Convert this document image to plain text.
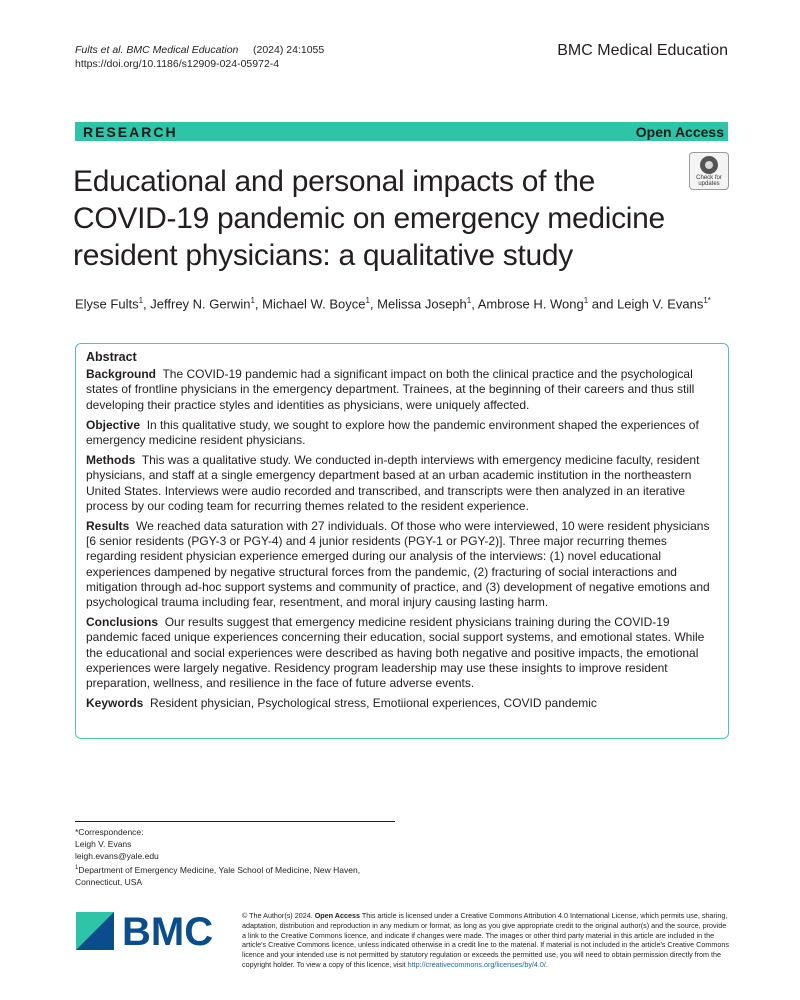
Fults et al. BMC Medical Education (2024) 24:1055
https://doi.org/10.1186/s12909-024-05972-4
BMC Medical Education
RESEARCH	Open Access
Check for
updates
Educational and personal impacts of the COVID-19 pandemic on emergency medicine resident physicians: a qualitative study
Elyse Fults$^1$, Jeffrey N. Gerwin$^1$, Michael W. Boyce$^1$, Melissa Joseph$^1$, Ambrose H. Wong$^1$ and Leigh V. Evans$^{1*}$
Abstract

Background The COVID-19 pandemic had a significant impact on both the clinical practice and the psychological states of frontline physicians in the emergency department. Trainees, at the beginning of their careers and thus still developing their practice styles and identities as physicians, were uniquely affected.

Objective In this qualitative study, we sought to explore how the pandemic environment shaped the experiences of emergency medicine resident physicians.

Methods This was a qualitative study. We conducted in-depth interviews with emergency medicine faculty, resident physicians, and staff at a single emergency department based at an urban academic institution in the northeastern United States. Interviews were audio recorded and transcribed, and transcripts were then analyzed in an iterative process by our coding team for recurring themes related to the resident experience.

Results We reached data saturation with 27 individuals. Of those who were interviewed, 10 were resident physicians [6 senior residents (PGY-3 or PGY-4) and 4 junior residents (PGY-1 or PGY-2)]. Three major recurring themes regarding resident physician experience emerged during our analysis of the interviews: (1) novel educational experiences dampened by negative structural forces from the pandemic, (2) fracturing of social interactions and mitigation through ad-hoc support systems and community of practice, and (3) development of negative emotions and psychological trauma including fear, resentment, and moral injury causing lasting harm.

Conclusions Our results suggest that emergency medicine resident physicians training during the COVID-19 pandemic faced unique experiences concerning their education, social support systems, and emotional states. While the educational and social experiences were described as having both negative and positive impacts, the emotional experiences were largely negative. Residency program leadership may use these insights to improve resident preparation, wellness, and resilience in the face of future adverse events.

Keywords Resident physician, Psychological stress, Emotiional experiences, COVID pandemic

*Correspondence:
Leigh V. Evans
leigh.evans@yale.edu
$^1$Department of Emergency Medicine, Yale School of Medicine, New Haven, Connecticut, USA
BMC	© The Author(s) 2024. Open Access This article is licensed under a Creative Commons Attribution 4.0 International License, which permits use, sharing, adaptation, distribution and reproduction in any medium or format, as long as you give appropriate credit to the original author(s) and the source, provide a link to the Creative Commons licence, and indicate if changes were made. The images or other third party material in this article are included in the article's Creative Commons licence, unless indicated otherwise in a credit line to the material. If material is not included in the article's Creative Commons licence and your intended use is not permitted by statutory regulation or exceeds the permitted use, you will need to obtain permission directly from the copyright holder. To view a copy of this licence, visit http://creativecommons.org/licenses/by/4.0/.
